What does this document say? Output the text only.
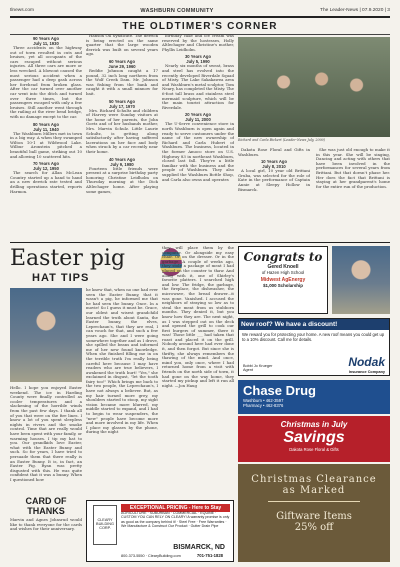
tlnews.com	WASHBURN COMMUNITY	The Leader-News | 07.9.2020 | 3
THE OLDTIMER'S CORNER
90 Years Ago
July 11, 1930

Three accidents on the highway out of town resulted in cuts and bruises, yet all occupants of the cars escaped without serious injuries. All three cars are more or less wrecked. A blowout caused the most serious accident when a passenger had a deep gash across her forehead from broken glass. After the car turned over another car went into the ditch and turned over three times, but the passengers escaped with only a few bruises. Still another went through the railing at the river bend bridge, with no damage except to the car.

80 Years Ago
July 11, 1940

The Washburn Millers met in town in a big way. A when they swamped Wilton 10-1 at Wildwood Lake. Wilbur Aronstein pitched a beautiful ball game, striking out 10 and allowing 10 scattered hits.

70 Years Ago
July 12, 1950

The search for Allan McLean Country started up a hand to hand an a new derrick rate tested and drilling operations started, reports Harmon.

Hanson Oil Syndicate. The derrick is being erected on the same quarter that the large wooden derrick was built on several years ago.

60 Years Ago
June 29, 1960

Reddie Johnson caught a 17 pound, 32 inch long northern from the Wolf Creek Dam. Mr. Johnson was fishing from the bank and caught it with a small minnow for bait.

50 Years Ago
July 17, 1970

Mrs. Richard Schultz and children of Harvey were Sunday visitors at the home of her parents, the John Goetz and of her husbands mother, Mrs. Marvin Schulz. Little Laurie Schultz, is getting along satisfactorily after having suffered lacerations on her face and body when struck by a car recently near their home.

40 Years Ago
July 9, 1980

Fourteen little friends were present at a surprise birthday party honoring Christine Leidholm on Thursday morning at the Dick Altlechager home. After playing some games,

birthday cake and ice cream was reserved by the hostesses, Holly Altlechager and Christine's mother, Phyllis Leidholm.

30 Years Ago
July 5, 1990

Nearly six months of sweat, brass and steel has evolved into the recently developed Riverdale Squad of Misty. The Lake Sakakawea area and Washburn's metal sculptor, Tom Neary, has completed the Misty. The 6-foot tall brass and stainless steel mermaid sculpture, which will be the main tourist attraction for Riverdale.

20 Years Ago
July 11, 2000

The U-Serve convenience store in north Washburn is open again and ready to serve customers under the name of the new ownership of Richard and Carla Hubert of Washburn. The business, located in the former Amoco store on U.S. Highway 83 in northeast Washburn, closed last fall. They're a little familiar with the business and the people of Washburn. They also supplied the Washburn Bottle Shop, and Carla also owns and operates

Richard and Carla Bickert (Leader-News July, 2000)

Dakota Rose Floral and Gifts in Washburn.

10 Years Ago
July 8, 2010

A local girl, 10 year old Brittani Gruba, was selected for the role of Kate in the performance of Captain Annie at Sleepy Hollow in Bismarck.

She was just old enough to make it in this year. She will be singing, Dancing and acting with others that have been involved in the performances for several years from Brittani. But that doesn't phase her. Her does the fact that Brittani is staying at her grandparent's home for the entire run of the production.

Easter pig
HAT TIPS
Hello. I hope you enjoyed Easter weekend. The ice in Harding County were finally controlled as cooler temperatures and a slackening of the horrible winds from the past few days. I thank all of you that were on the fire lines. I know a lot of you spent sleepless nights in rivers and the smoke control. Time that are really would have been spent with your family, or warming houses. I tip my hat to you. Our grandkids love Easter, what with the Easter Bunny and such. So for years, I have tried to persuade them that there really is an Easter Bunny. It is, in fact, an Easter Pig. Ryan was pretty disgusted with this. He was quite confident that it was a bunny. When I questioned how
he knew that, when no one had ever seen the Easter Bunny, that it wasn't a pig, he informed me that he had seen the bunny. Once. In a movie! So I guess it must be. Grace, our oldest and wisest grandchild learned the truth about Santa, the Easter bunny, the elves, Leprechaun's, that they are real, I can vouch for that, and such a few years ago. She and I were going somewhere together and as I drove, she spilled the beans and informed me of her new found knowledge. When she finished filling me in on the terrible truth I'm really being careful here because I may have readers who are true believers, I awakened the truth hurt! "Yes," she exclaimed in disgust, "let the tooth fairy too!" Which brings me back to the two people, the Leprechaun's, I have not always a believer. But, as my hair turned more grey, my shoulders started to stoop, my sight vision became more blurred, my middle started to expand, and I had to begin to wear suspenders, the "new" people have become more and more involved in my life. When I place my glasses by the phone, during the night
they will place them by the computer. Or alongside my easy chair. Or on the dresser. Or in the garbage. A couple of weeks ago, they stole a package of meat I had placed on the counter to thaw. And along with it, one of Shirley's favorite platters. I searched high and low. The fridge, the garbage, the fireplace, the dishwasher, the microwave, the bread drawer...it was gone. Vanished. I accused the neighbors of straying so low as to steal the meat from us stubborn months. They denied it, but you know how they are. The next night, as I was stepped out on the deck and opened the grill to cook our first burgers of summer, there it was! Those little ___ had taken that roast and placed it on the grill. Nobody around here had ever done it, and then forgot. But since she is thrifty, she always remembers the thawing of the mind. And once, mind you, only once, where I had returned home from a visit with friends on the north side of town, it had gone on the way home, they started my pickup and left it run all night. —Jon Haug
CARD OF THANKS
Marvin and Agnes Johnsrud would like to thank everyone for the cards and wishes for their anniversary.
Congrats to
Gered Knoell
of Hazen High School
Midwest AgEnergy
$1,000 Scholarship
New roof? We have a discount!
We reward you for protecting your home. A new roof means you could get up to a 10% discount. Call me for details.
Bobbi Jo Krueger
Agent
Nodak
Insurance Company
Chase Drug
Washburn • 462-3597
Pharmacy • 462-8376
Christmas in July
Savings
Dakota Rose Floral & Gifts
Christmas Clearance
as Marked
Giftware Items
25% off
CLEARY BUILDING CORP.
EXCEPTIONAL PRICING - Here to Stay
AGRICULTURE · SUBURBAN · COMMERCIAL · EQUINE · CUSTOM YOU CAN RELY ON CLEARY! A warranty promise is only as good as the company behind it! · Steel Free · Free Warranties · We Manufacture & Construct Our Product · Gutter Drain Pipe
BISMARCK, ND
701-751-1828
800-373-5550 · ClearyBuilding.com
